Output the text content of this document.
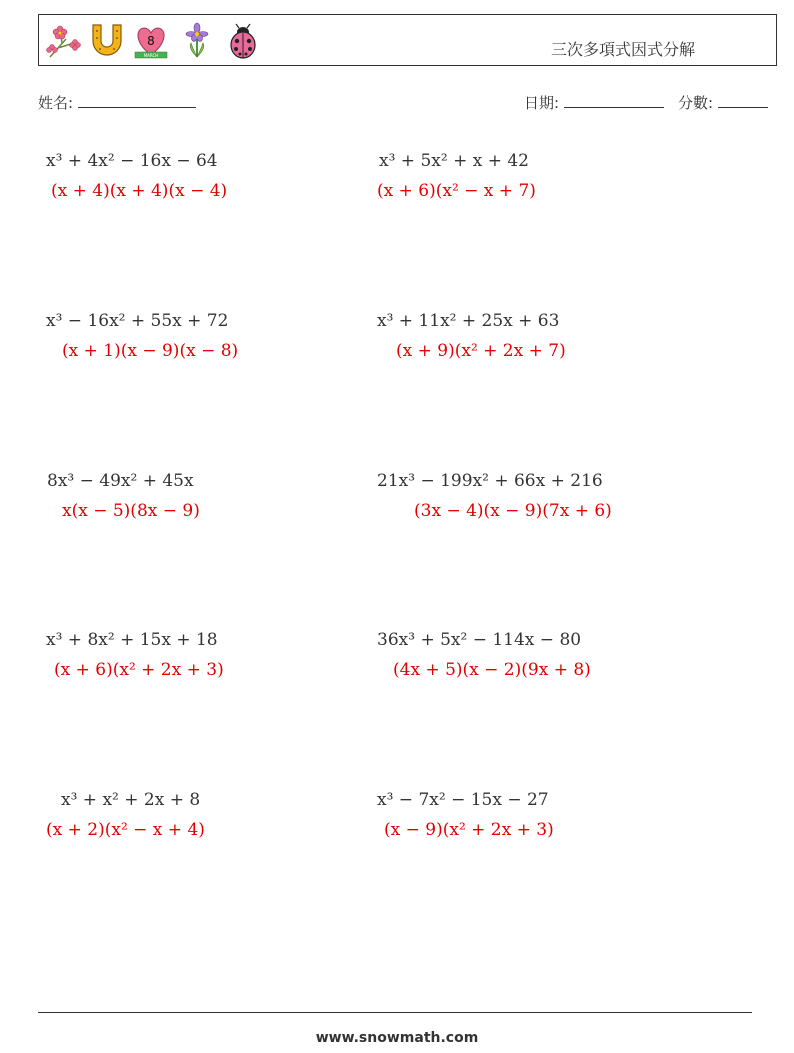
8
MARCH	三次多項式因式分解
姓名:	日期:	分數:
x³ + 4x² − 16x − 64
(x + 4)(x + 4)(x − 4)
x³ + 5x² + x + 42
(x + 6)(x² − x + 7)
x³ − 16x² + 55x + 72
(x + 1)(x − 9)(x − 8)
x³ + 11x² + 25x + 63
(x + 9)(x² + 2x + 7)
8x³ − 49x² + 45x
x(x − 5)(8x − 9)
21x³ − 199x² + 66x + 216
(3x − 4)(x − 9)(7x + 6)
x³ + 8x² + 15x + 18
(x + 6)(x² + 2x + 3)
36x³ + 5x² − 114x − 80
(4x + 5)(x − 2)(9x + 8)
x³ + x² + 2x + 8
(x + 2)(x² − x + 4)
x³ − 7x² − 15x − 27
(x − 9)(x² + 2x + 3)
www.snowmath.com
